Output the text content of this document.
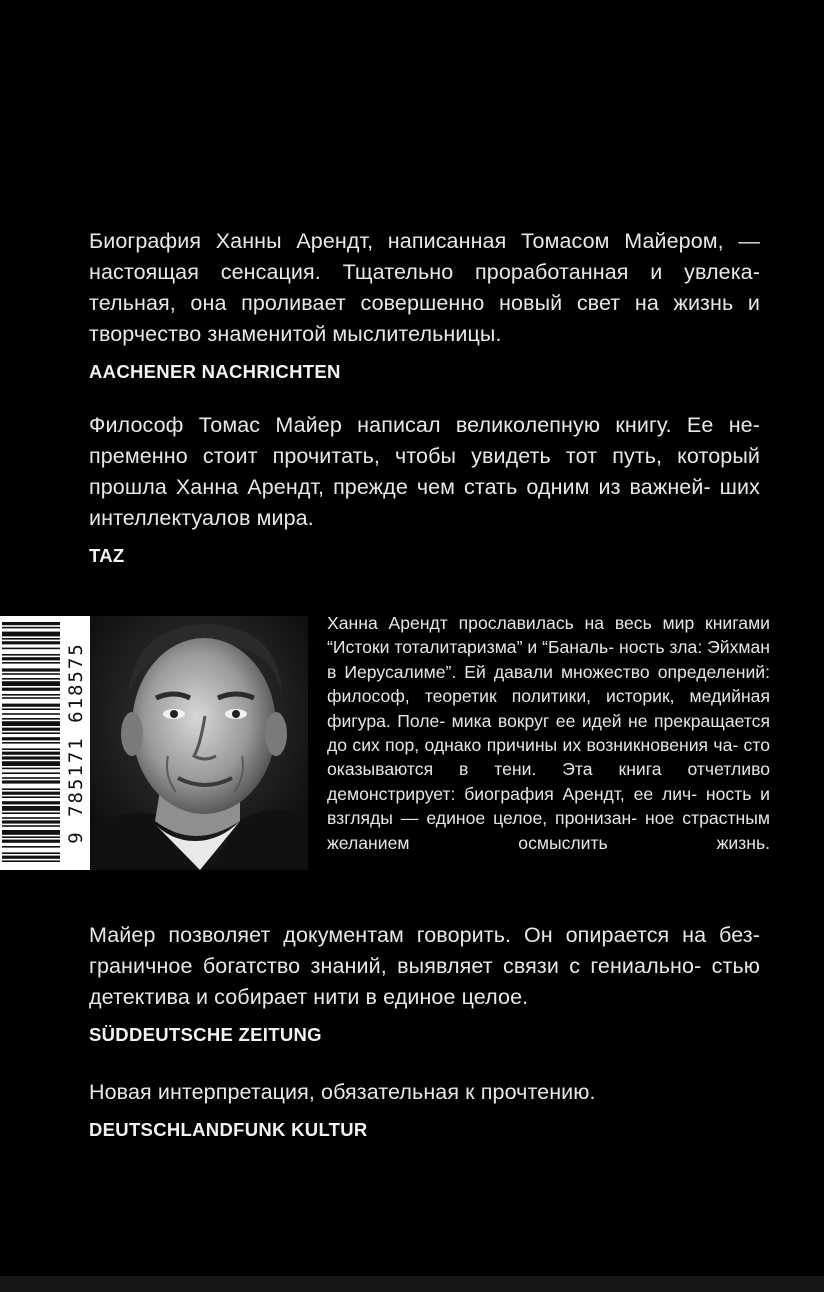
Биография Ханны Арендт, написанная Томасом Майером, — настоящая сенсация. Тщательно проработанная и увлека- тельная, она проливает совершенно новый свет на жизнь и творчество знаменитой мыслительницы.

AACHENER NACHRICHTEN

Философ Томас Майер написал великолепную книгу. Ее не- пременно стоит прочитать, чтобы увидеть тот путь, который прошла Ханна Арендт, прежде чем стать одним из важней- ших интеллектуалов мира.

TAZ
9 785171 618575

Ханна Арендт прославилась на весь мир книгами “Истоки тоталитаризма” и “Баналь- ность зла: Эйхман в Иерусалиме”. Ей давали множество определений: философ, теоретик политики, историк, медийная фигура. Поле- мика вокруг ее идей не прекращается до сих пор, однако причины их возникновения ча- сто оказываются в тени. Эта книга отчетливо демонстрирует: биография Арендт, ее лич- ность и взгляды — единое целое, пронизан- ное страстным желанием осмыслить жизнь.

Майер позволяет документам говорить. Он опирается на без- граничное богатство знаний, выявляет связи с гениально- стью детектива и собирает нити в единое целое.

SÜDDEUTSCHE ZEITUNG

Новая интерпретация, обязательная к прочтению.

DEUTSCHLANDFUNK KULTUR
